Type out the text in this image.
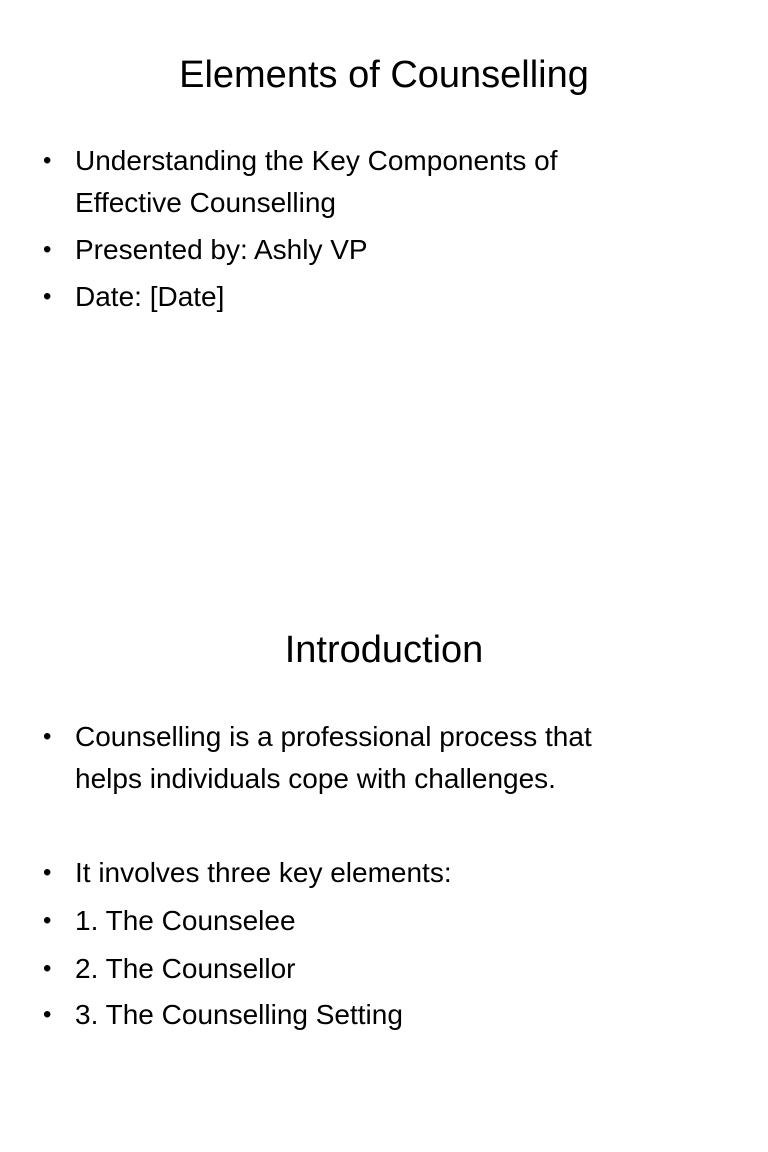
Elements of Counselling
• Understanding the Key Components of
Effective Counselling
• Presented by: Ashly VP
• Date: [Date]
Introduction
• Counselling is a professional process that
helps individuals cope with challenges.
• It involves three key elements:
• 1. The Counselee
• 2. The Counsellor
• 3. The Counselling Setting
